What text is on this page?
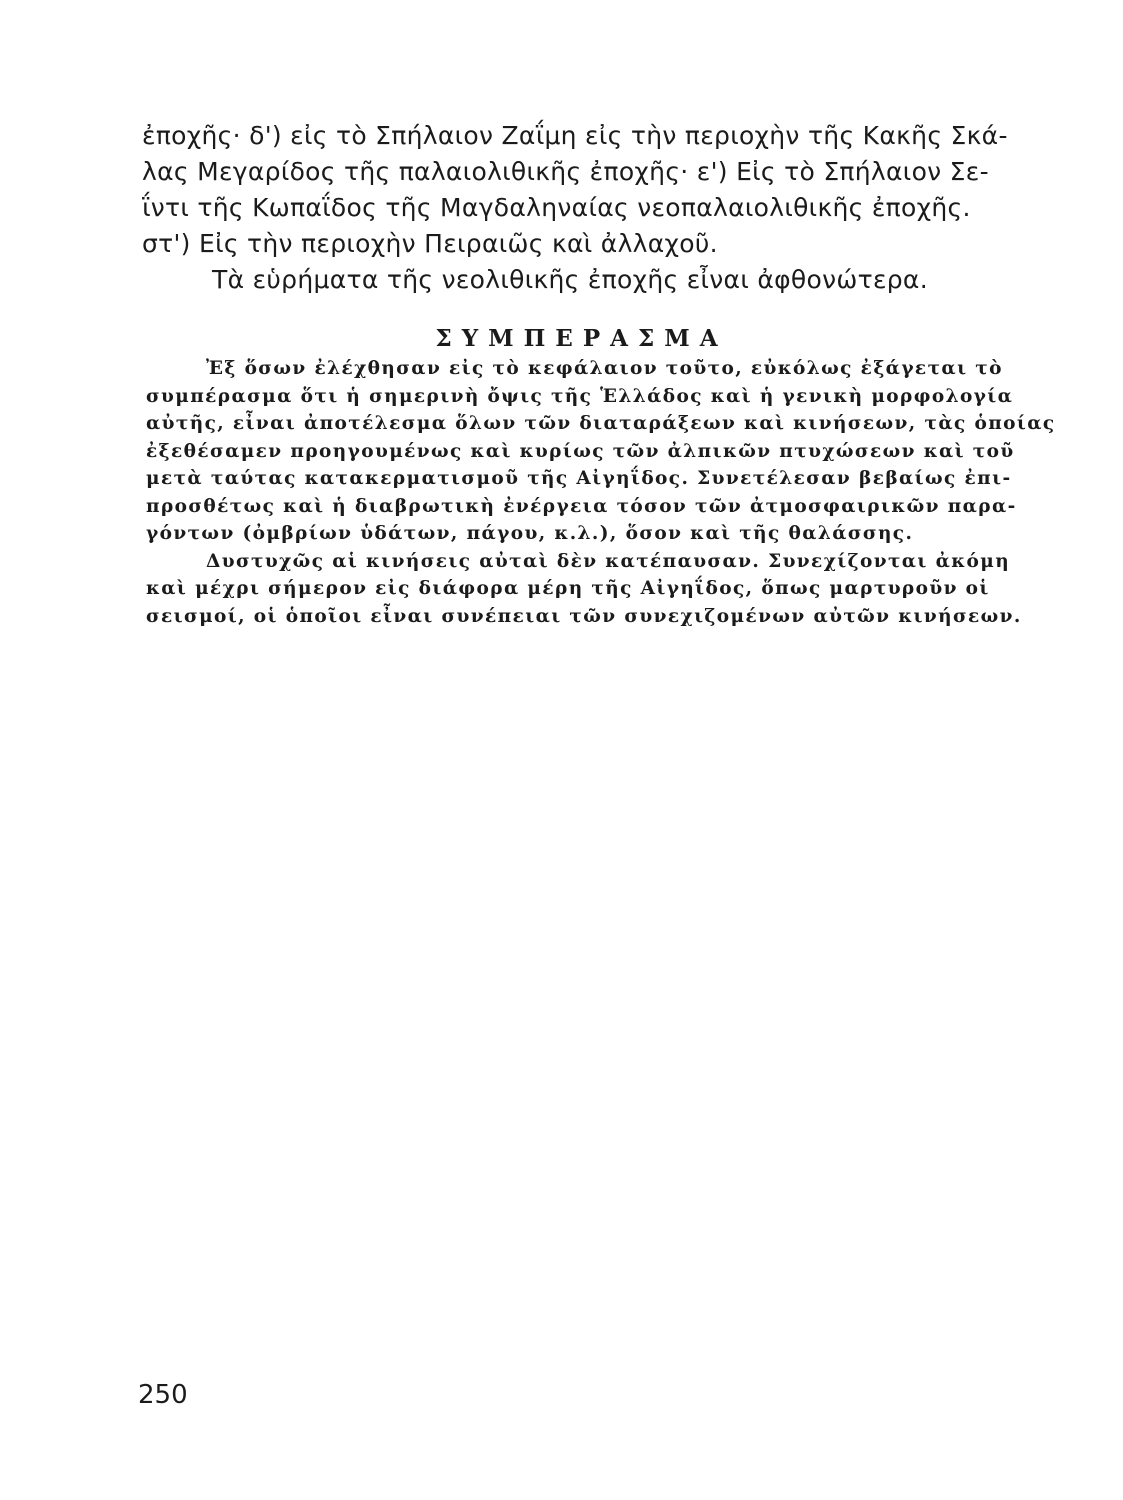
ἐποχῆς· δ') εἰς τὸ Σπήλαιον Ζαΐμη εἰς τὴν περιοχὴν τῆς Κακῆς Σκά-
λας Μεγαρίδος τῆς παλαιολιθικῆς ἐποχῆς· ε') Εἰς τὸ Σπήλαιον Σε-
ΐντι τῆς Κωπαΐδος τῆς Μαγδαληναίας νεοπαλαιολιθικῆς ἐποχῆς.
στ') Εἰς τὴν περιοχὴν Πειραιῶς καὶ ἀλλαχοῦ.
Τὰ εὑρήματα τῆς νεολιθικῆς ἐποχῆς εἶναι ἀφθονώτερα.
ΣΥΜΠΕΡΑΣΜΑ
Ἐξ ὅσων ἐλέχθησαν εἰς τὸ κεφάλαιον τοῦτο, εὐκόλως ἐξάγεται τὸ
συμπέρασμα ὅτι ἡ σημερινὴ ὄψις τῆς Ἑλλάδος καὶ ἡ γενικὴ μορφολογία
αὐτῆς, εἶναι ἀποτέλεσμα ὅλων τῶν διαταράξεων καὶ κινήσεων, τὰς ὁποίας
ἐξεθέσαμεν προηγουμένως καὶ κυρίως τῶν ἀλπικῶν πτυχώσεων καὶ τοῦ
μετὰ ταύτας κατακερματισμοῦ τῆς Αἰγηΐδος. Συνετέλεσαν βεβαίως ἐπι-
προσθέτως καὶ ἡ διαβρωτικὴ ἐνέργεια τόσον τῶν ἀτμοσφαιρικῶν παρα-
γόντων (ὀμβρίων ὑδάτων, πάγου, κ.λ.), ὅσον καὶ τῆς θαλάσσης.
Δυστυχῶς αἱ κινήσεις αὐταὶ δὲν κατέπαυσαν. Συνεχίζονται ἀκόμη
καὶ μέχρι σήμερον εἰς διάφορα μέρη τῆς Αἰγηΐδος, ὅπως μαρτυροῦν οἱ
σεισμοί, οἱ ὁποῖοι εἶναι συνέπειαι τῶν συνεχιζομένων αὐτῶν κινήσεων.
250
